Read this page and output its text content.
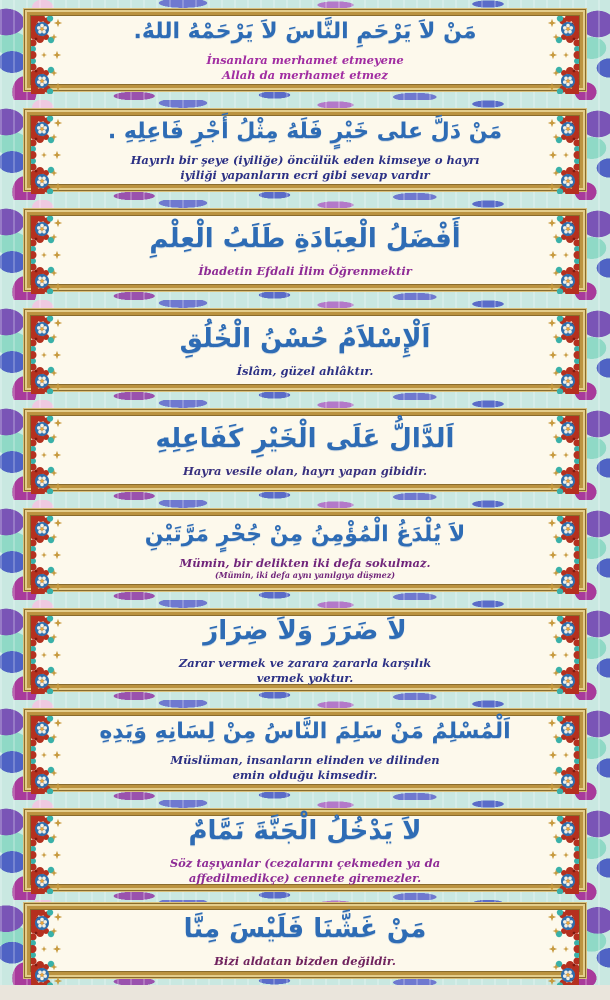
مَنْ لاَ يَرْحَمِ النَّاسَ لاَ يَرْحَمْهُ اللهُ.
İnsanlara merhamet etmeyene
Allah da merhamet etmez
مَنْ دَلَّ على خَيْرٍ فَلَهُ مِثْلُ أَجْرِ فَاعِلِهِ .
Hayırlı bir şeye (iyiliğe) öncülük eden kimseye o hayrı
iyiliği yapanların ecri gibi sevap vardır
أَفْضَلُ الْعِبَادَةِ طَلَبُ الْعِلْمِ
İbadetin Efdali İlim Öğrenmektir
اَلْإِسْلاَمُ حُسْنُ الْخُلُقِ
İslâm, güzel ahlâktır.
اَلدَّالُّ عَلَى الْخَيْرِ كَفَاعِلِهِ
Hayra vesile olan, hayrı yapan gibidir.
لاَ يُلْدَغُ الْمُؤْمِنُ مِنْ جُحْرٍ مَرَّتَيْنِ
Mümin, bir delikten iki defa sokulmaz.
(Mümin, iki defa aynı yanılgıya düşmez)
لاَ ضَرَرَ وَلاَ ضِرَارَ
Zarar vermek ve zarara zararla karşılık
vermek yoktur.
اَلْمُسْلِمُ مَنْ سَلِمَ النَّاسُ مِنْ لِسَانِهِ وَيَدِهِ
Müslüman, insanların elinden ve dilinden
emin olduğu kimsedir.
لاَ يَدْخُلُ الْجَنَّةَ نَمَّامٌ
Söz taşıyanlar (cezalarını çekmeden ya da
affedilmedikçe) cennete giremezler.
مَنْ غَشَّنَا فَلَيْسَ مِنَّا
Bizi aldatan bizden değildir.
